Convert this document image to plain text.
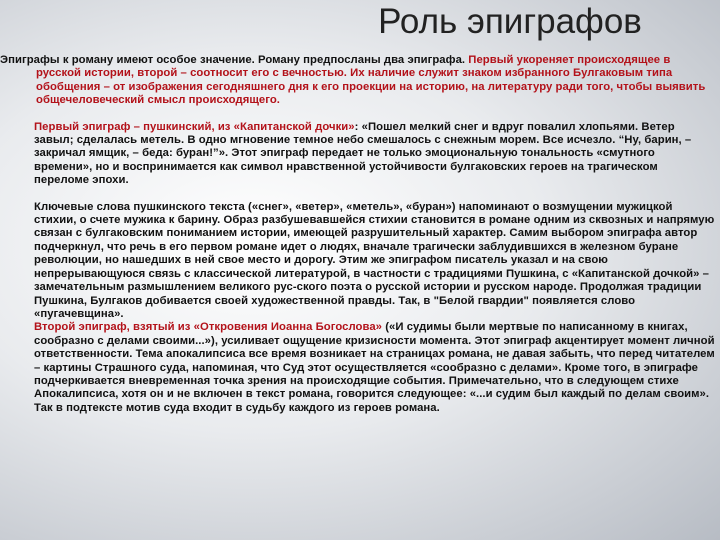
Роль эпиграфов

Эпиграфы к роману имеют особое значение. Роману предпосланы два эпиграфа. Первый укореняет происходящее в русской истории, второй – соотносит его с вечностью. Их наличие служит знаком избранного Булгаковым типа обобщения – от изображения сегодняшнего дня к его проекции на историю, на литературу ради того, чтобы выявить общечеловеческий смысл происходящего.

Первый эпиграф – пушкинский, из «Капитанской дочки»: «Пошел мелкий снег и вдруг повалил хлопьями. Ветер завыл; сделалась метель. В одно мгновение темное небо смешалось с снежным морем. Все исчезло. “Ну, барин, – закричал ямщик, – беда: буран!”». Этот эпиграф передает не только эмоциональную тональность «смутного времени», но и воспринимается как символ нравственной устойчивости булгаковских героев на трагическом переломе эпохи.

Ключевые слова пушкинского текста («снег», «ветер», «метель», «буран») напоминают о возмущении мужицкой стихии, о счете мужика к барину. Образ разбушевавшейся стихии становится в романе одним из сквозных и напрямую связан с булгаковским пониманием истории, имеющей разрушительный характер. Самим выбором эпиграфа автор подчеркнул, что речь в его первом романе идет о людях, вначале трагически заблудившихся в железном буране революции, но нашедших в ней свое место и дорогу. Этим же эпиграфом писатель указал и на свою непрерывающуюся связь с классической литературой, в частности с традициями Пушкина, с «Капитанской дочкой» – замечательным размышлением великого рус-ского поэта о русской истории и русском народе. Продолжая традиции Пушкина, Булгаков добивается своей художественной правды. Так, в "Белой гвардии" появляется слово «пугачевщина».
Второй эпиграф, взятый из «Откровения Иоанна Богослова» («И судимы были мертвые по написанному в книгах, сообразно с делами своими...»), усиливает ощущение кризисности момента. Этот эпиграф акцентирует момент личной ответственности. Тема апокалипсиса все время возникает на страницах романа, не давая забыть, что перед читателем – картины Страшного суда, напоминая, что Суд этот осуществляется «сообразно с делами». Кроме того, в эпиграфе подчеркивается вневременная точка зрения на происходящие события. Примечательно, что в следующем стихе Апокалипсиса, хотя он и не включен в текст романа, говорится следующее: «...и судим был каждый по делам своим». Так в подтексте мотив суда входит в судьбу каждого из героев романа.
